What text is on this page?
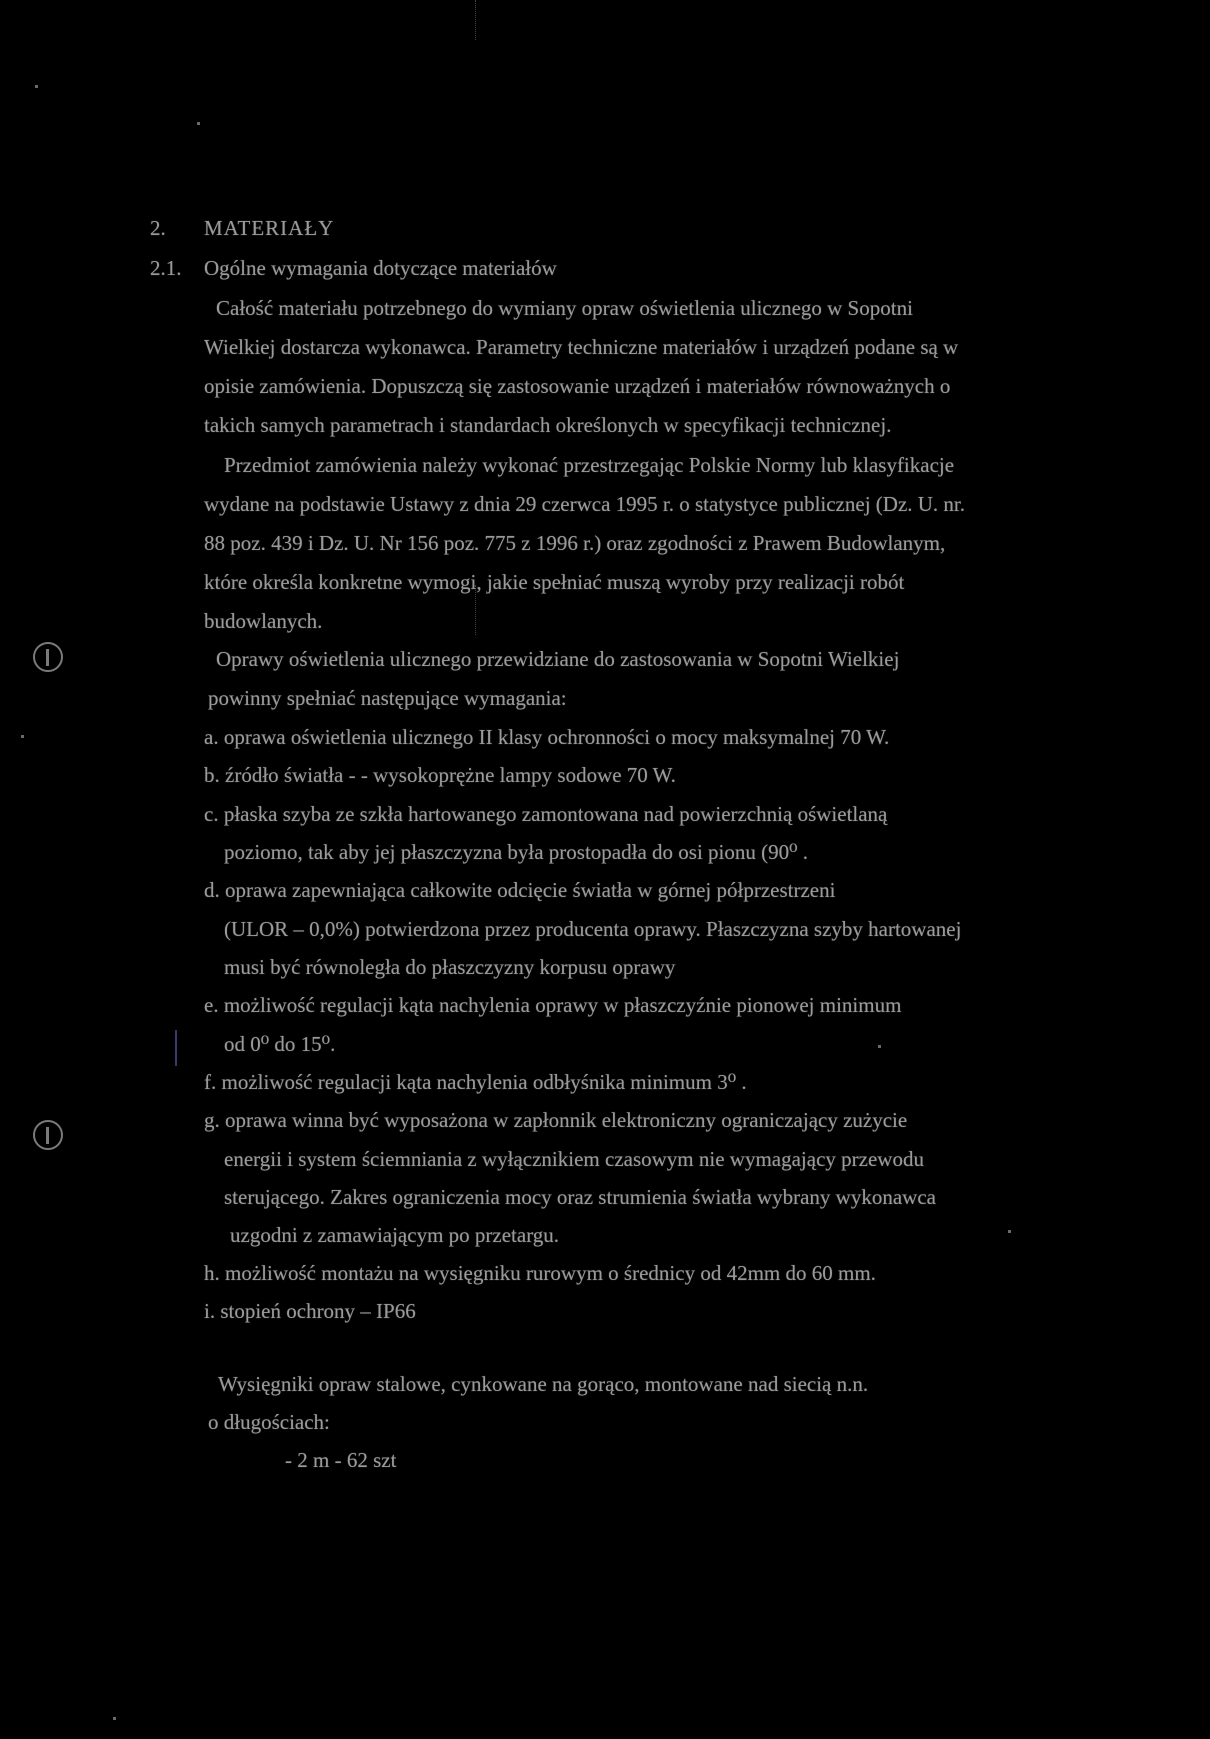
2. MATERIAŁY
2.1. Ogólne wymagania dotyczące materiałów
Całość materiału potrzebnego do wymiany opraw oświetlenia ulicznego w Sopotni
Wielkiej dostarcza wykonawca. Parametry techniczne materiałów i urządzeń podane są w
opisie zamówienia. Dopuszczą się zastosowanie urządzeń i materiałów równoważnych o
takich samych parametrach i standardach określonych w specyfikacji technicznej.
Przedmiot zamówienia należy wykonać przestrzegając Polskie Normy lub klasyfikacje
wydane na podstawie Ustawy z dnia 29 czerwca 1995 r. o statystyce publicznej (Dz. U. nr.
88 poz. 439 i Dz. U. Nr 156 poz. 775 z 1996 r.) oraz zgodności z Prawem Budowlanym,
które określa konkretne wymogi, jakie spełniać muszą wyroby przy realizacji robót
budowlanych.
Oprawy oświetlenia ulicznego przewidziane do zastosowania w Sopotni Wielkiej
powinny spełniać następujące wymagania:
a. oprawa oświetlenia ulicznego II klasy ochronności o mocy maksymalnej 70 W.
b. źródło światła - - wysokoprężne lampy sodowe 70 W.
c. płaska szyba ze szkła hartowanego zamontowana nad powierzchnią oświetlaną
poziomo, tak aby jej płaszczyzna była prostopadła do osi pionu (90⁰ .
d. oprawa zapewniająca całkowite odcięcie światła w górnej półprzestrzeni
(ULOR – 0,0%) potwierdzona przez producenta oprawy. Płaszczyzna szyby hartowanej
musi być równoległa do płaszczyzny korpusu oprawy
e. możliwość regulacji kąta nachylenia oprawy w płaszczyźnie pionowej minimum
od 0⁰ do 15⁰.
f. możliwość regulacji kąta nachylenia odbłyśnika minimum 3⁰ .
g. oprawa winna być wyposażona w zapłonnik elektroniczny ograniczający zużycie
energii i system ściemniania z wyłącznikiem czasowym nie wymagający przewodu
sterującego. Zakres ograniczenia mocy oraz strumienia światła wybrany wykonawca
uzgodni z zamawiającym po przetargu.
h. możliwość montażu na wysięgniku rurowym o średnicy od 42mm do 60 mm.
i. stopień ochrony – IP66
Wysięgniki opraw stalowe, cynkowane na gorąco, montowane nad siecią n.n.
o długościach:
- 2 m - 62 szt
